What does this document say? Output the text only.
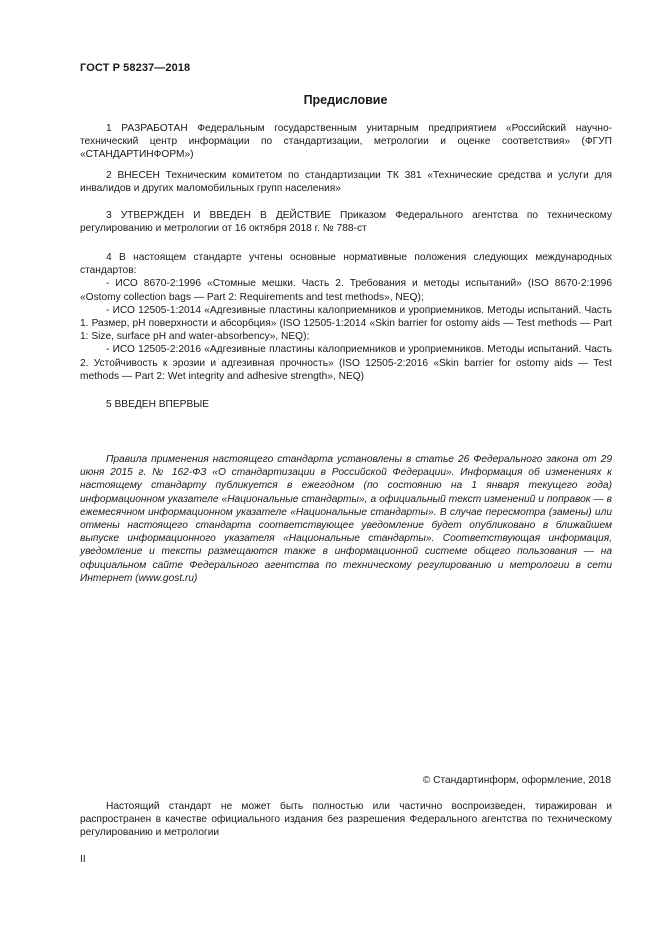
ГОСТ Р 58237—2018
Предисловие

1 РАЗРАБОТАН Федеральным государственным унитарным предприятием «Российский научно-технический центр информации по стандартизации, метрологии и оценке соответствия» (ФГУП «СТАНДАРТИНФОРМ»)

2 ВНЕСЕН Техническим комитетом по стандартизации ТК 381 «Технические средства и услуги для инвалидов и других маломобильных групп населения»

3 УТВЕРЖДЕН И ВВЕДЕН В ДЕЙСТВИЕ Приказом Федерального агентства по техническому регулированию и метрологии от 16 октября 2018 г. № 788-ст

4 В настоящем стандарте учтены основные нормативные положения следующих международных стандартов:

- ИСО 8670-2:1996 «Стомные мешки. Часть 2. Требования и методы испытаний» (ISO 8670-2:1996 «Ostomy collection bags — Part 2: Requirements and test methods», NEQ);

- ИСО 12505-1:2014 «Адгезивные пластины калоприемников и уроприемников. Методы испытаний. Часть 1. Размер, pH поверхности и абсорбция» (ISO 12505-1:2014 «Skin barrier for ostomy aids — Test methods — Part 1: Size, surface pH and water-absorbency», NEQ);

- ИСО 12505-2:2016 «Адгезивные пластины калоприемников и уроприемников. Методы испытаний. Часть 2. Устойчивость к эрозии и адгезивная прочность» (ISO 12505-2:2016 «Skin barrier for ostomy aids — Test methods — Part 2: Wet integrity and adhesive strength», NEQ)

5 ВВЕДЕН ВПЕРВЫЕ

Правила применения настоящего стандарта установлены в статье 26 Федерального закона от 29 июня 2015 г. № 162-ФЗ «О стандартизации в Российской Федерации». Информация об изменениях к настоящему стандарту публикуется в ежегодном (по состоянию на 1 января текущего года) информационном указателе «Национальные стандарты», а официальный текст изменений и поправок — в ежемесячном информационном указателе «Национальные стандарты». В случае пересмотра (замены) или отмены настоящего стандарта соответствующее уведомление будет опубликовано в ближайшем выпуске информационного указателя «Национальные стандарты». Соответствующая информация, уведомление и тексты размещаются также в информационной системе общего пользования — на официальном сайте Федерального агентства по техническому регулированию и метрологии в сети Интернет (www.gost.ru)

© Стандартинформ, оформление, 2018

Настоящий стандарт не может быть полностью или частично воспроизведен, тиражирован и распространен в качестве официального издания без разрешения Федерального агентства по техническому регулированию и метрологии

II
